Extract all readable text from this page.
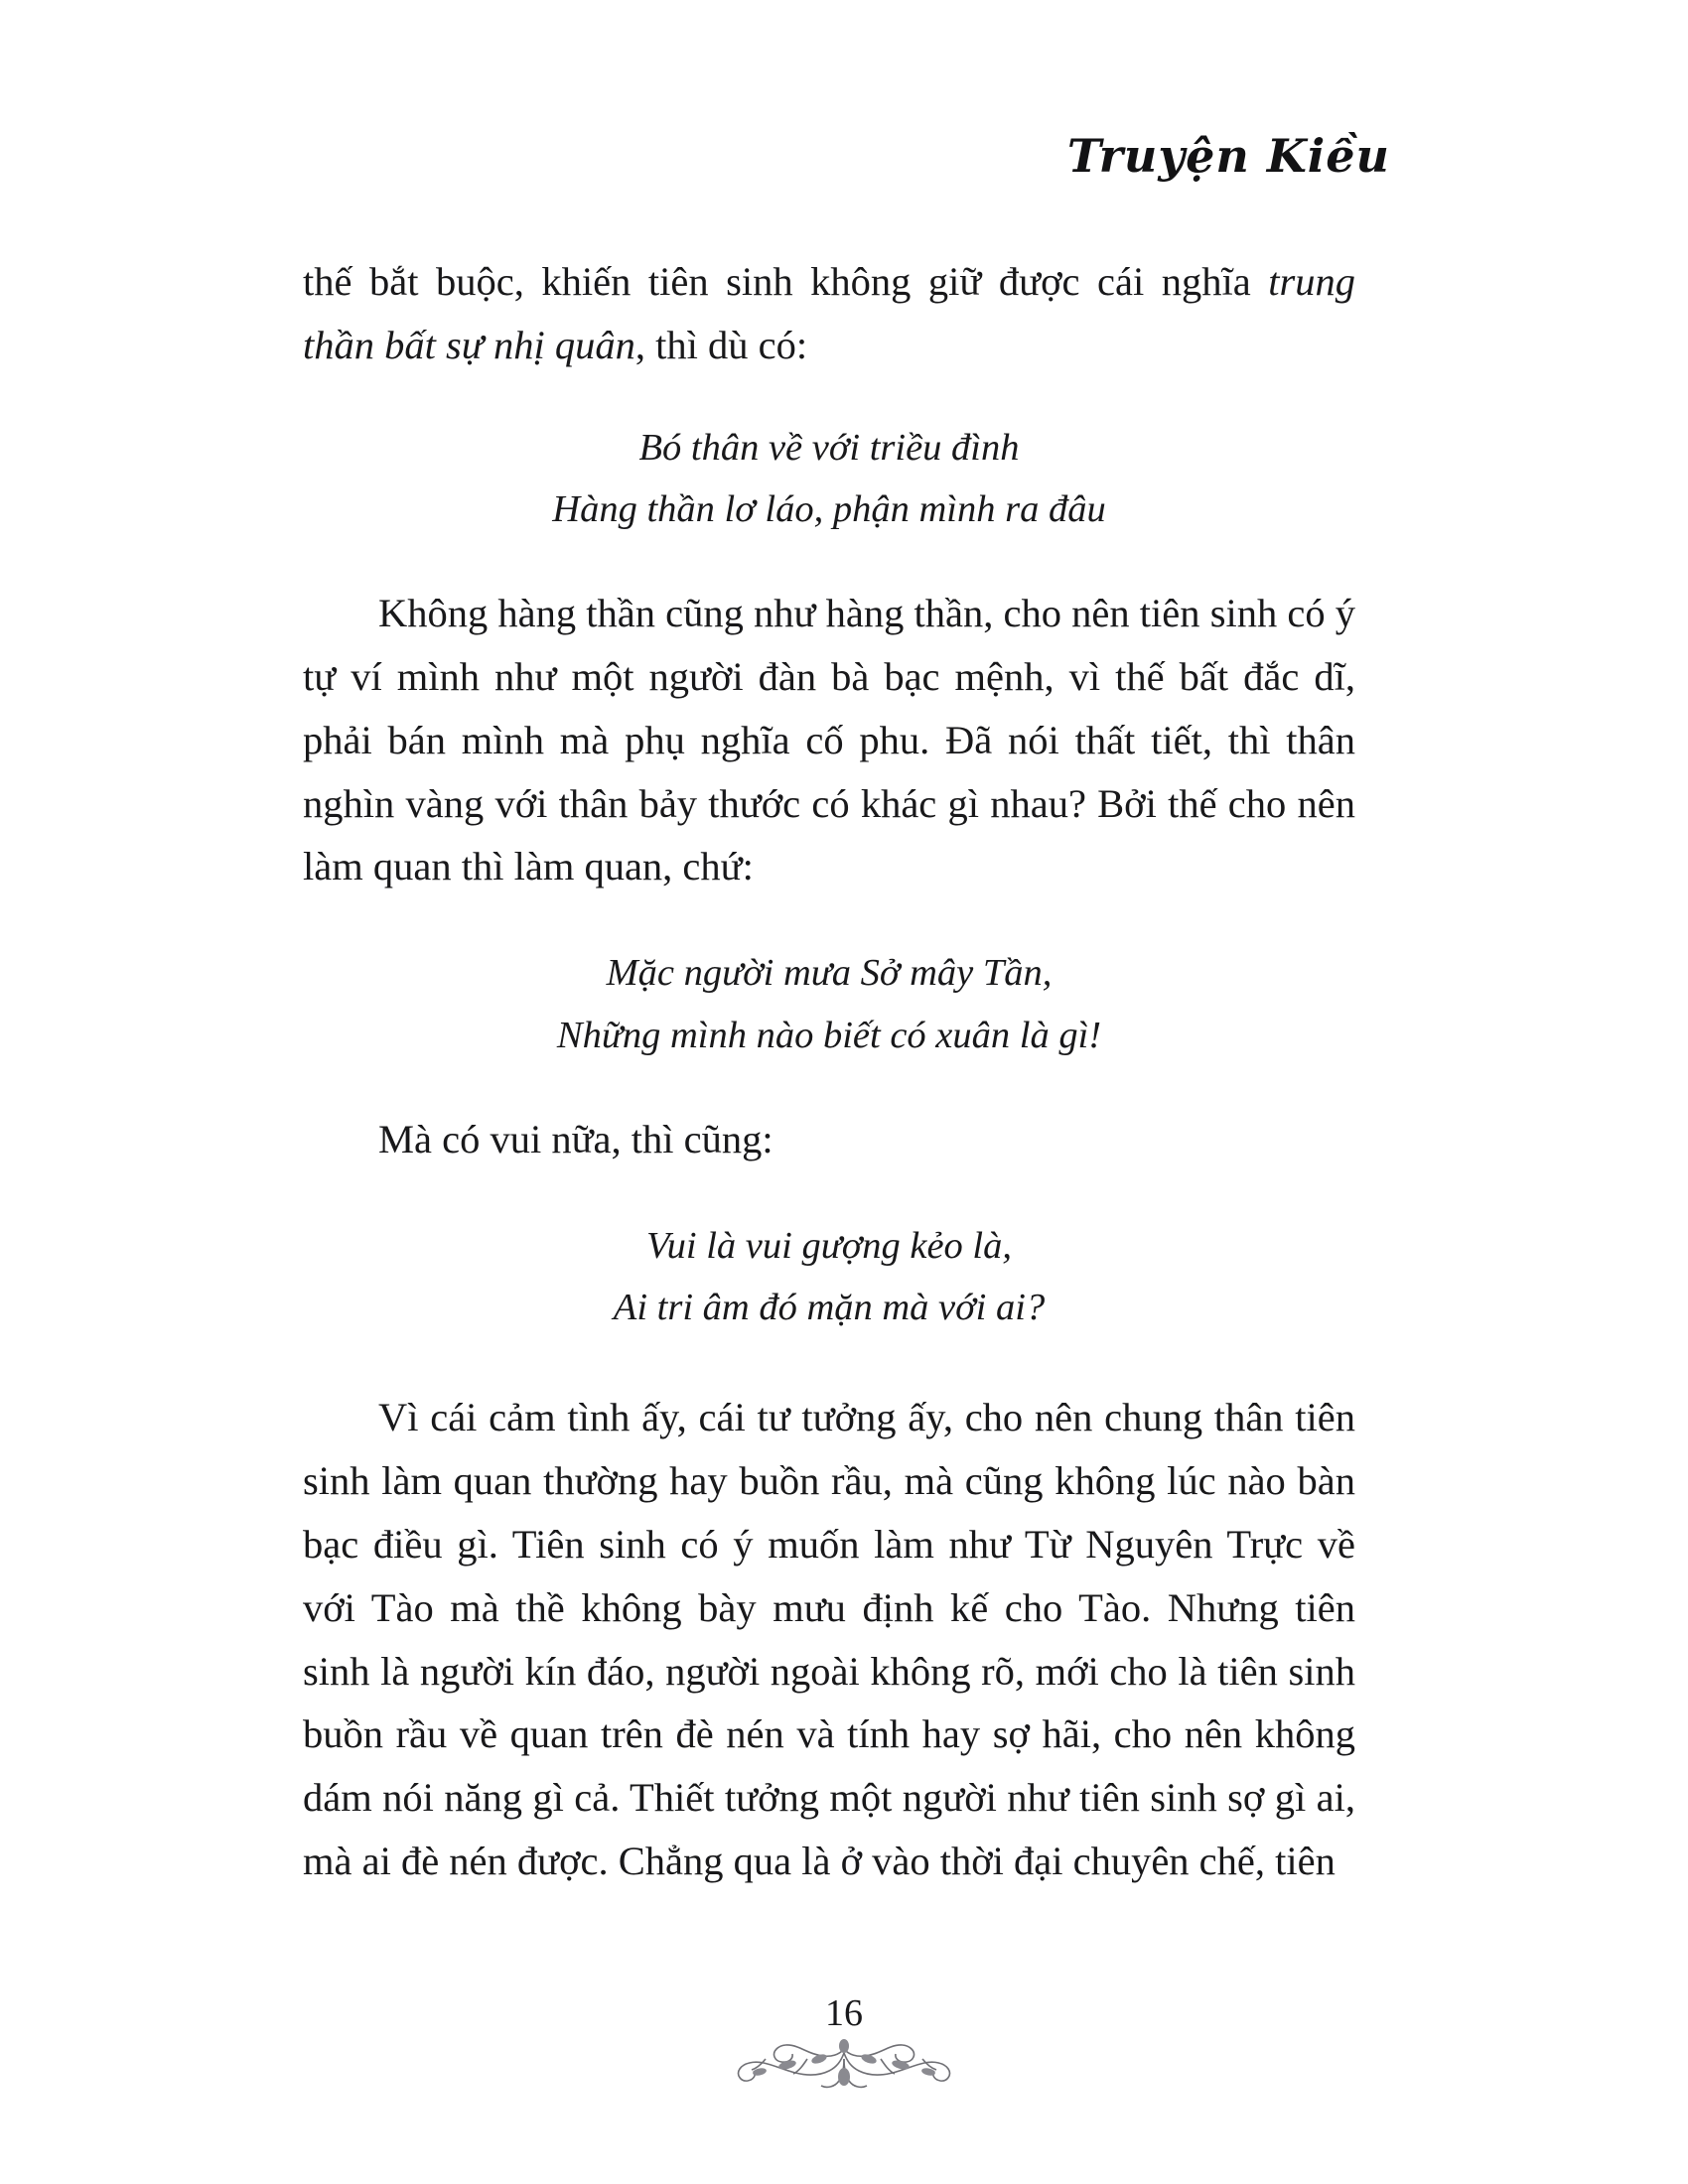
Truyện Kiều

thế bắt buộc, khiến tiên sinh không giữ được cái nghĩa trung thần bất sự nhị quân, thì dù có:

Bó thân về với triều đình
Hàng thần lơ láo, phận mình ra đâu

Không hàng thần cũng như hàng thần, cho nên tiên sinh có ý tự ví mình như một người đàn bà bạc mệnh, vì thế bất đắc dĩ, phải bán mình mà phụ nghĩa cố phu. Đã nói thất tiết, thì thân nghìn vàng với thân bảy thước có khác gì nhau? Bởi thế cho nên làm quan thì làm quan, chứ:

Mặc người mưa Sở mây Tần,
Những mình nào biết có xuân là gì!

Mà có vui nữa, thì cũng:

Vui là vui gượng kẻo là,
Ai tri âm đó mặn mà với ai?

Vì cái cảm tình ấy, cái tư tưởng ấy, cho nên chung thân tiên sinh làm quan thường hay buồn rầu, mà cũng không lúc nào bàn bạc điều gì. Tiên sinh có ý muốn làm như Từ Nguyên Trực về với Tào mà thề không bày mưu định kế cho Tào. Nhưng tiên sinh là người kín đáo, người ngoài không rõ, mới cho là tiên sinh buồn rầu về quan trên đè nén và tính hay sợ hãi, cho nên không dám nói năng gì cả. Thiết tưởng một người như tiên sinh sợ gì ai, mà ai đè nén được. Chẳng qua là ở vào thời đại chuyên chế, tiên

16
